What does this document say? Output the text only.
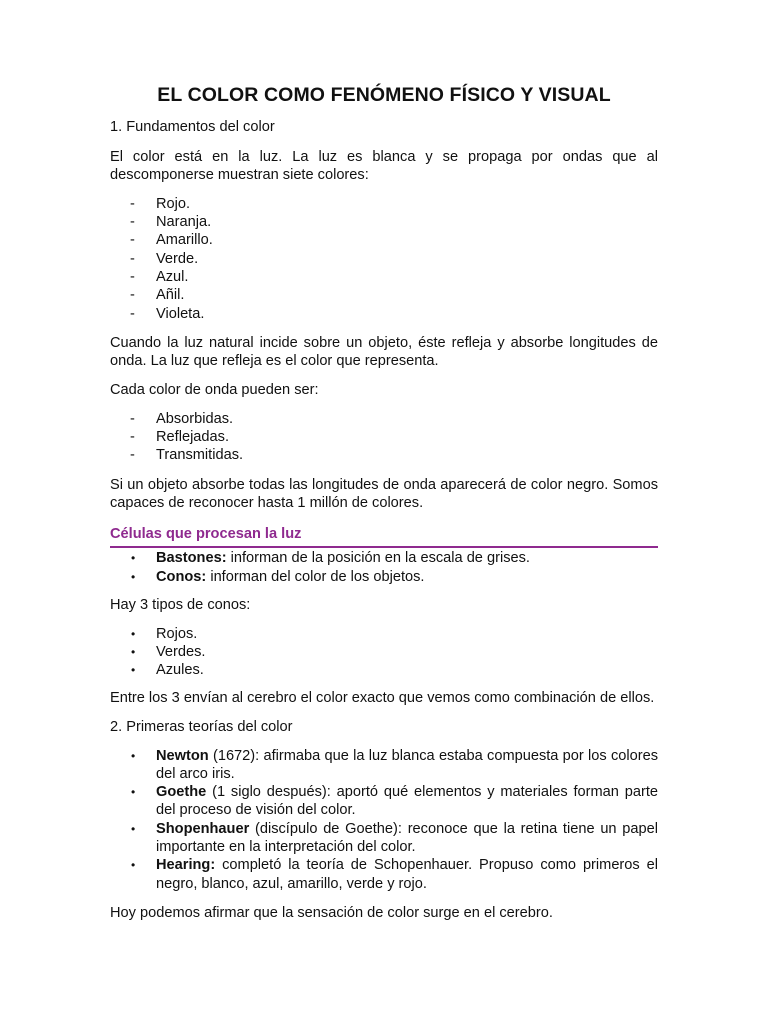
EL COLOR COMO FENÓMENO FÍSICO Y VISUAL

1. Fundamentos del color

El color está en la luz. La luz es blanca y se propaga por ondas que al descomponerse muestran siete colores:

- Rojo.
- Naranja.
- Amarillo.
- Verde.
- Azul.
- Añil.
- Violeta.

Cuando la luz natural incide sobre un objeto, éste refleja y absorbe longitudes de onda. La luz que refleja es el color que representa.

Cada color de onda pueden ser:

- Absorbidas.
- Reflejadas.
- Transmitidas.

Si un objeto absorbe todas las longitudes de onda aparecerá de color negro. Somos capaces de reconocer hasta 1 millón de colores.

Células que procesan la luz
• Bastones: informan de la posición en la escala de grises.
• Conos: informan del color de los objetos.

Hay 3 tipos de conos:

• Rojos.
• Verdes.
• Azules.

Entre los 3 envían al cerebro el color exacto que vemos como combinación de ellos.

2. Primeras teorías del color

• Newton (1672): afirmaba que la luz blanca estaba compuesta por los colores del arco iris.
• Goethe (1 siglo después): aportó qué elementos y materiales forman parte del proceso de visión del color.
• Shopenhauer (discípulo de Goethe): reconoce que la retina tiene un papel importante en la interpretación del color.
• Hearing: completó la teoría de Schopenhauer. Propuso como primeros el negro, blanco, azul, amarillo, verde y rojo.

Hoy podemos afirmar que la sensación de color surge en el cerebro.
